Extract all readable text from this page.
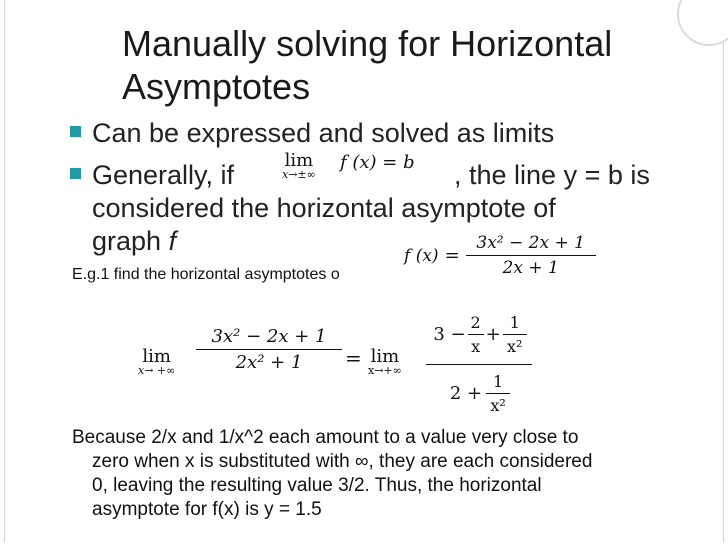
Manually solving for Horizontal
Asymptotes
Can be expressed and solved as limits
Generally, if	, the line y = b is
considered the horizontal asymptote of
graph f
lim
x→±∞
f (x) = b
E.g.1 find the horizontal asymptotes o
f $(x) = \frac{\text{3x² − 2x + 1}}{2x + 1}$
lim
x→ +∞ $\frac{\text{3x² − 2x + 1}}{\text{2x² + 1}} = \lim$
x→+∞
$3 - \frac{2}{x} + \frac{1}{\text{x²}}$
$2 + \frac{1}{\text{x²}}$
Because 2/x and 1/x^2 each amount to a value very close to
zero when x is substituted with ∞, they are each considered
0, leaving the resulting value 3/2. Thus, the horizontal
asymptote for f(x) is y = 1.5
